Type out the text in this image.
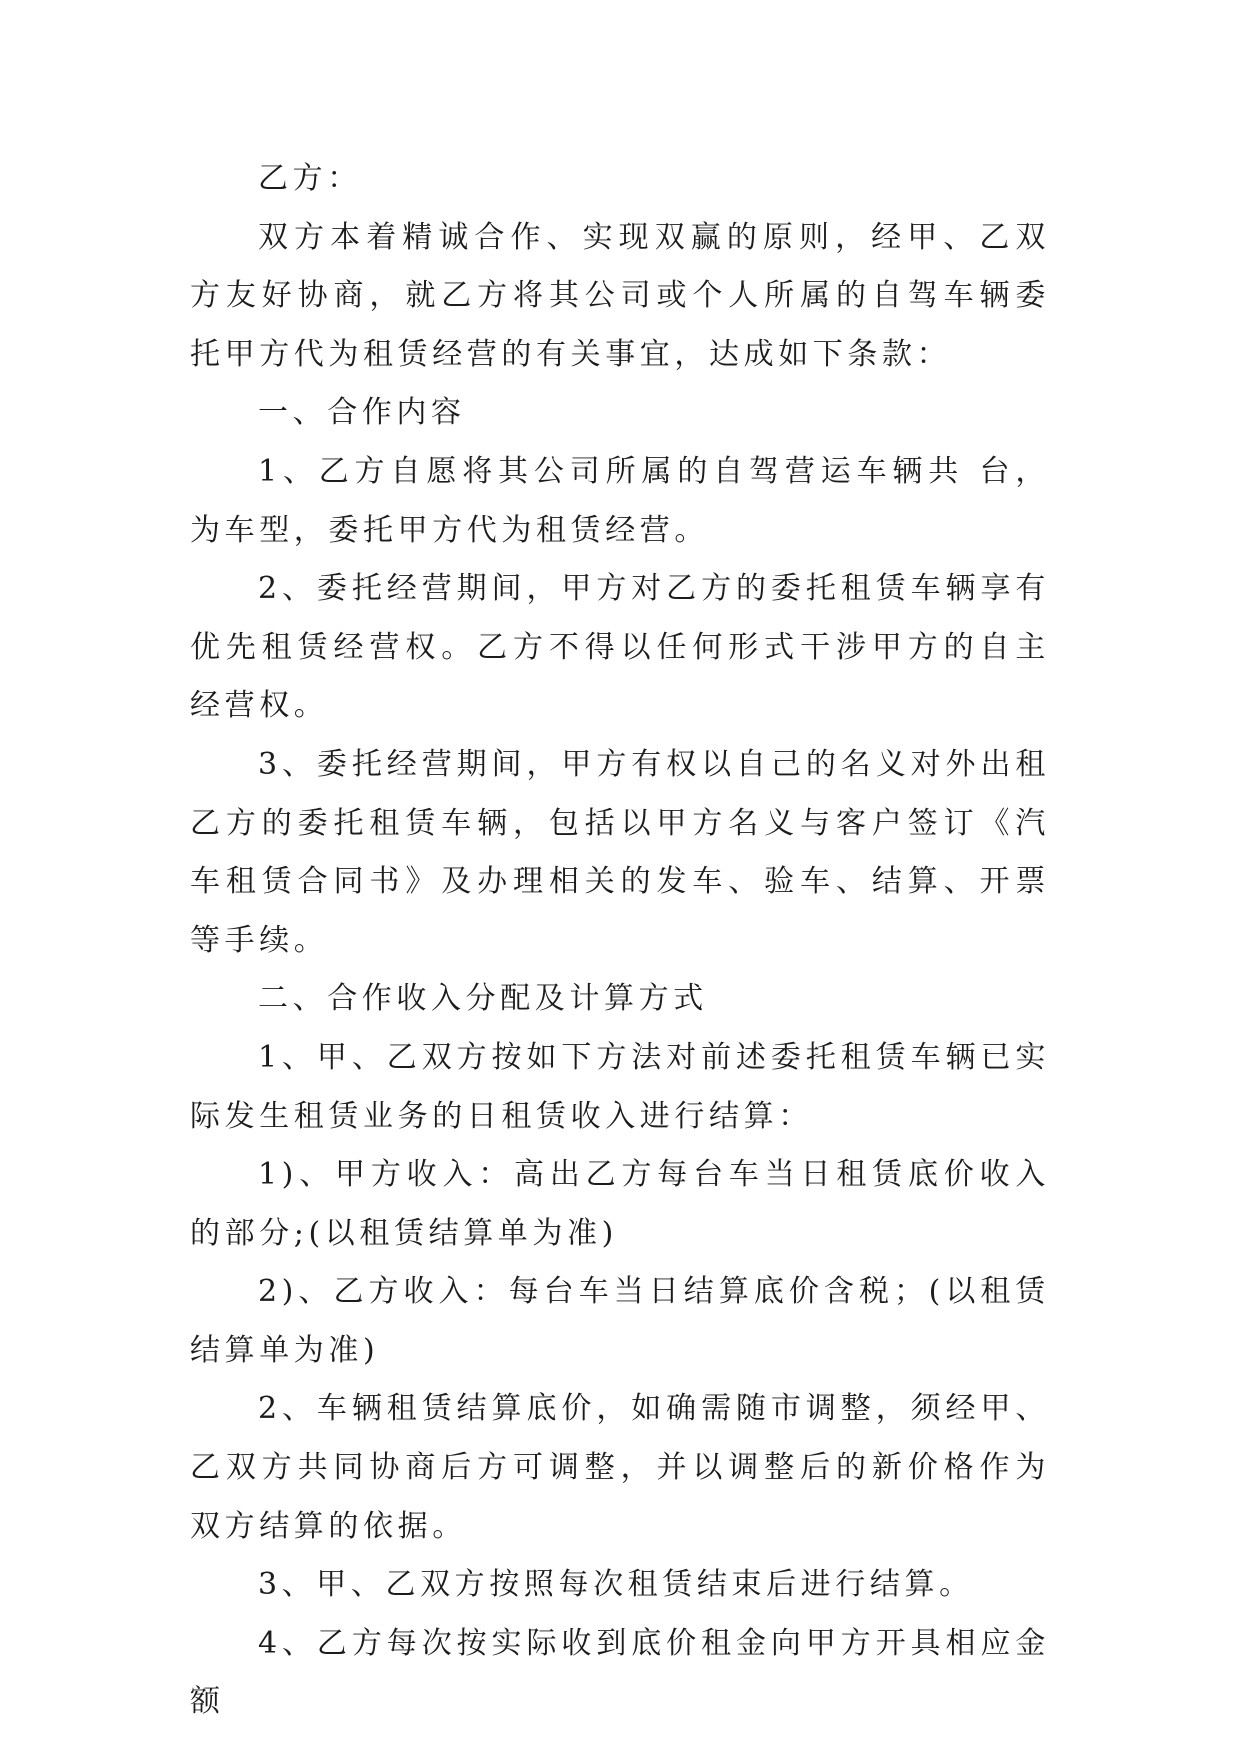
乙方：

双方本着精诚合作、实现双赢的原则，经甲、乙双方友好协商，就乙方将其公司或个人所属的自驾车辆委托甲方代为租赁经营的有关事宜，达成如下条款：

一、合作内容

1、乙方自愿将其公司所属的自驾营运车辆共 台，为车型，委托甲方代为租赁经营。

2、委托经营期间，甲方对乙方的委托租赁车辆享有优先租赁经营权。乙方不得以任何形式干涉甲方的自主经营权。

3、委托经营期间，甲方有权以自己的名义对外出租乙方的委托租赁车辆，包括以甲方名义与客户签订《汽车租赁合同书》及办理相关的发车、验车、结算、开票等手续。

二、合作收入分配及计算方式

1、甲、乙双方按如下方法对前述委托租赁车辆已实际发生租赁业务的日租赁收入进行结算：

1)、甲方收入：高出乙方每台车当日租赁底价收入的部分;(以租赁结算单为准)

2)、乙方收入：每台车当日结算底价含税；(以租赁结算单为准)

2、车辆租赁结算底价，如确需随市调整，须经甲、乙双方共同协商后方可调整，并以调整后的新价格作为双方结算的依据。

3、甲、乙双方按照每次租赁结束后进行结算。

4、乙方每次按实际收到底价租金向甲方开具相应金额
